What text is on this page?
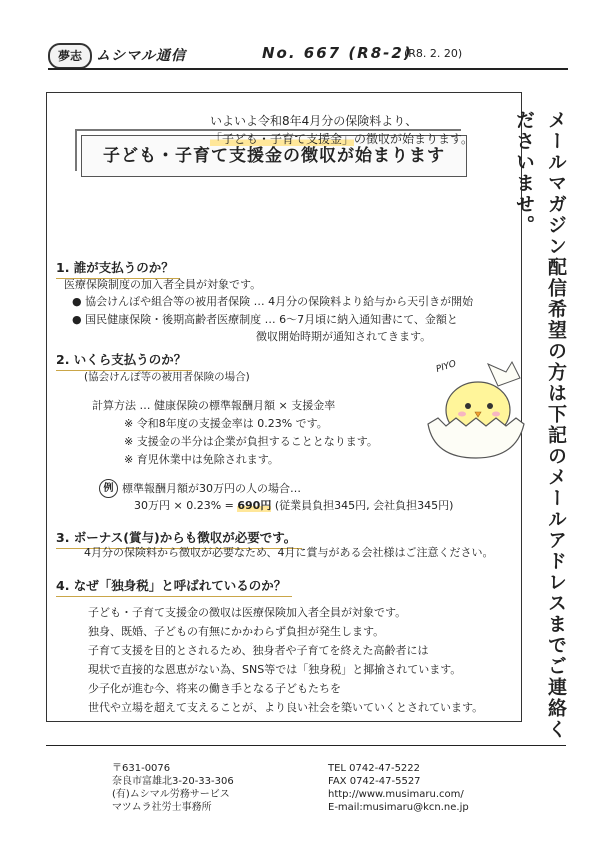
夢志	ムシマル通信	No. 667 (R8-2)
(R8. 2. 20)
子ども・子育て支援金の徴収が始まります

いよいよ令和8年4月分の保険料より、

「子ども・子育て支援金」の徴収が始まります。

1. 誰が支払うのか？
医療保険制度の加入者全員が対象です。
● 協会けんぽや組合等の被用者保険 … 4月分の保険料より給与から天引きが開始
● 国民健康保険・後期高齢者医療制度 … 6～7月頃に納入通知書にて、金額と
徴収開始時期が通知されてきます。
2. いくら支払うのか？
(協会けんぽ等の被用者保険の場合)
計算方法 … 健康保険の標準報酬月額 × 支援金率
※ 令和8年度の支援金率は 0.23% です。
※ 支援金の半分は企業が負担することとなります。
※ 育児休業中は免除されます。
例 標準報酬月額が30万円の人の場合…
30万円 × 0.23% = 690円 (従業員負担345円, 会社負担345円)
PIYO
3. ボーナス(賞与)からも徴収が必要です。
4月分の保険料から徴収が必要なため、4月に賞与がある会社様はご注意ください。
4. なぜ「独身税」と呼ばれているのか？
子ども・子育て支援金の徴収は医療保険加入者全員が対象です。
独身、既婚、子どもの有無にかかわらず負担が発生します。
子育て支援を目的とされるため、独身者や子育てを終えた高齢者には
現状で直接的な恩恵がない為、SNS等では「独身税」と揶揄されています。
少子化が進む今、将来の働き手となる子どもたちを
世代や立場を超えて支えることが、より良い社会を築いていくとされています。	メールマガジン配信希望の方は下記のメールアドレスまでご連絡くださいませ。
〒631-0076
奈良市富雄北3-20-33-306
(有)ムシマル労務サービス
マツムラ社労士事務所
TEL 0742-47-5222
FAX 0742-47-5527
http://www.musimaru.com/
E-mail:musimaru@kcn.ne.jp
